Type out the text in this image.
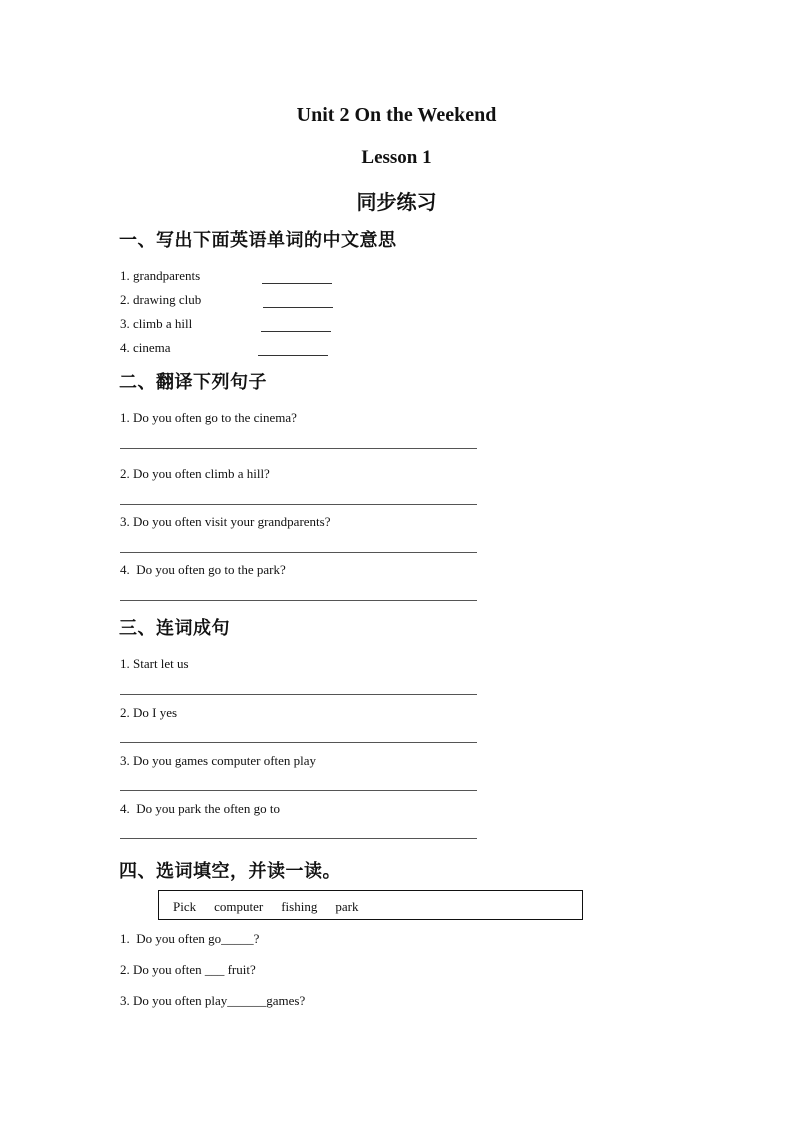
Unit 2 On the Weekend
Lesson 1
同步练习
一、写出下面英语单词的中文意思
1. grandparents
2. drawing club
3. climb a hill
4. cinema
二、翻译下列句子
1. Do you often go to the cinema?
2. Do you often climb a hill?
3. Do you often visit your grandparents?
4.  Do you often go to the park?
三、连词成句
1. Start let us
2. Do I yes
3. Do you games computer often play
4.  Do you park the often go to
四、选词填空，并读一读。
Pick computer fishing park
1.  Do you often go_____?
2. Do you often ___ fruit?
3. Do you often play______games?
